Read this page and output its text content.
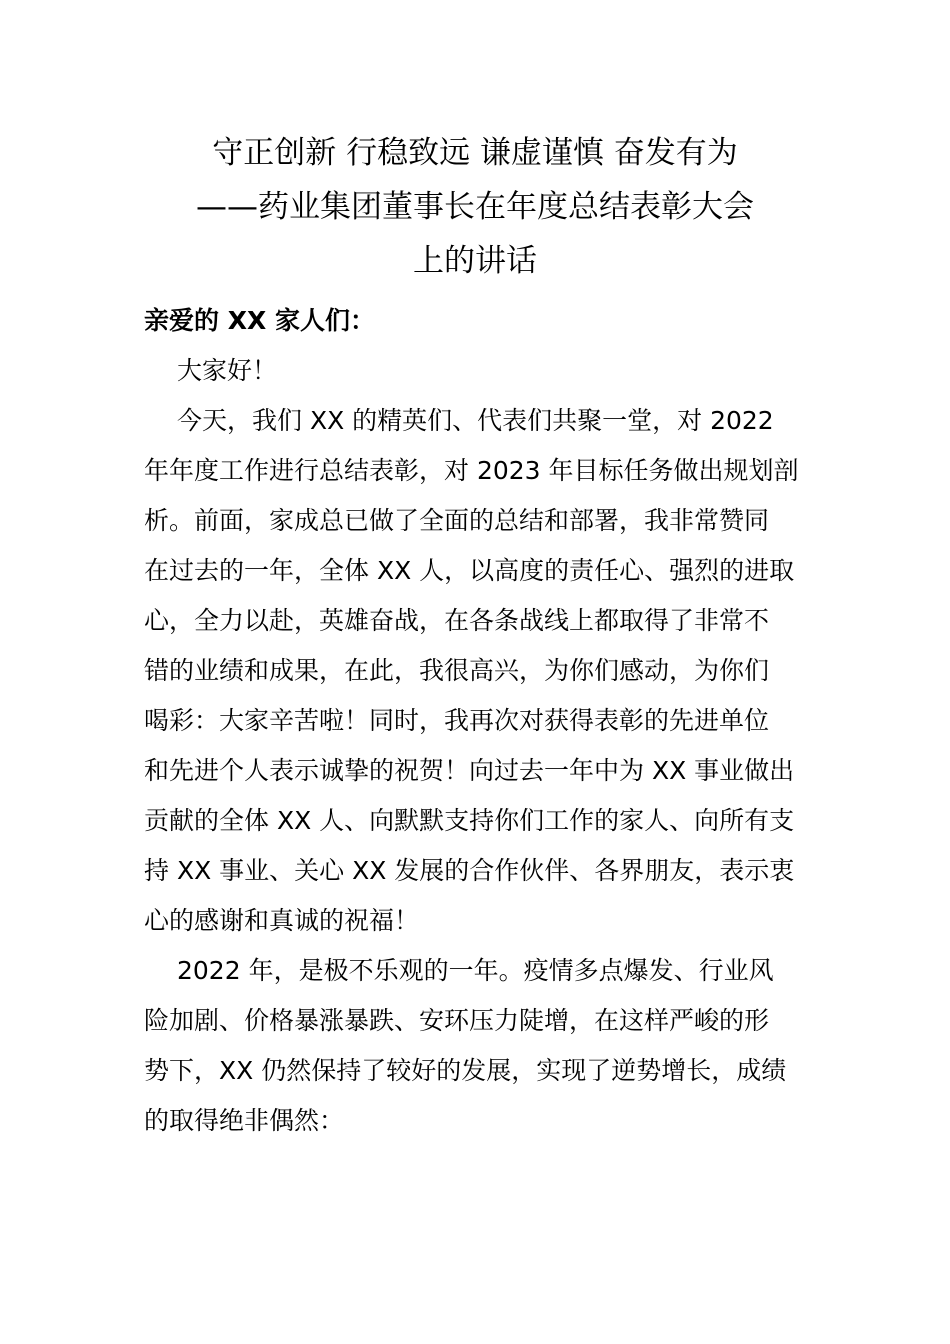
守正创新 行稳致远 谦虚谨慎 奋发有为
——药业集团董事长在年度总结表彰大会
上的讲话

亲爱的 XX 家人们：

大家好！
今天，我们 XX 的精英们、代表们共聚一堂，对 2022
年年度工作进行总结表彰，对 2023 年目标任务做出规划剖
析。前面，家成总已做了全面的总结和部署，我非常赞同
在过去的一年，全体 XX 人，以高度的责任心、强烈的进取
心，全力以赴，英雄奋战，在各条战线上都取得了非常不
错的业绩和成果，在此，我很高兴，为你们感动，为你们
喝彩：大家辛苦啦！同时，我再次对获得表彰的先进单位
和先进个人表示诚挚的祝贺！向过去一年中为 XX 事业做出
贡献的全体 XX 人、向默默支持你们工作的家人、向所有支
持 XX 事业、关心 XX 发展的合作伙伴、各界朋友，表示衷
心的感谢和真诚的祝福！
2022 年，是极不乐观的一年。疫情多点爆发、行业风
险加剧、价格暴涨暴跌、安环压力陡增，在这样严峻的形
势下，XX 仍然保持了较好的发展，实现了逆势增长，成绩
的取得绝非偶然：
